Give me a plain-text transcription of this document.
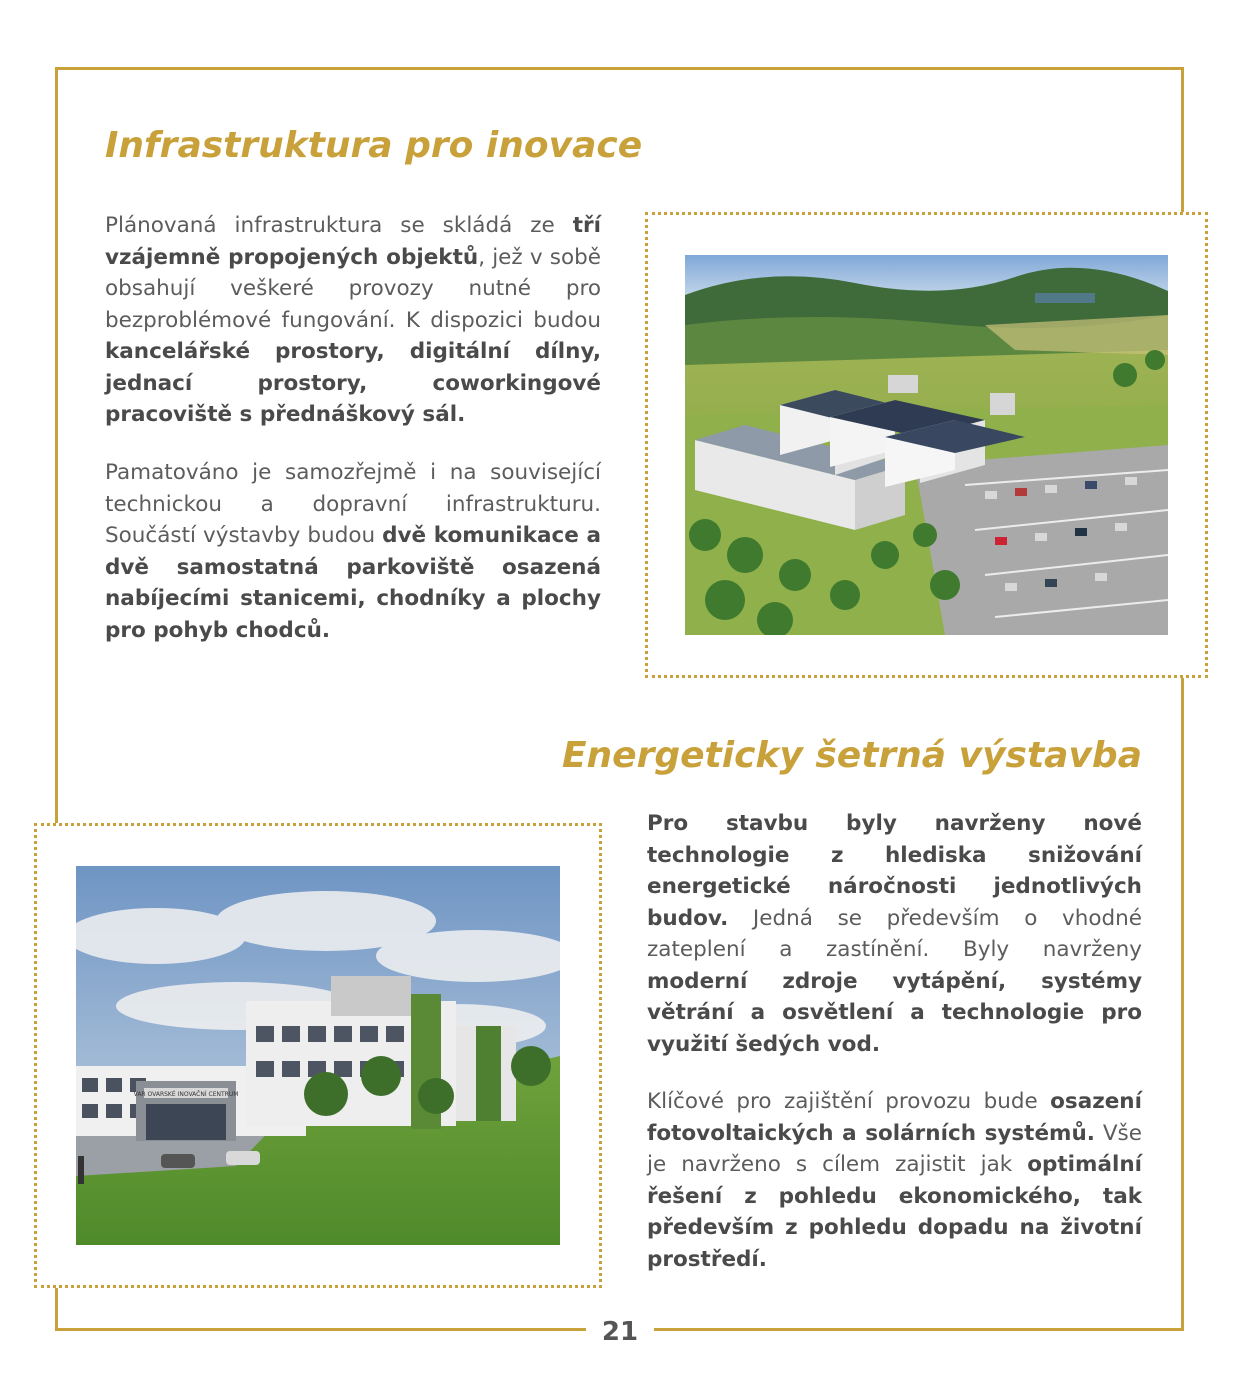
Infrastruktura pro inovace

Plánovaná infrastruktura se skládá ze tří vzájemně propojených objektů, jež v sobě obsahují veškeré provozy nutné pro bezproblémové fungování. K dispozici budou kancelářské prostory, digitální dílny, jednací prostory, coworkingové pracoviště s přednáškový sál.

Pamatováno je samozřejmě i na související technickou a dopravní infrastrukturu. Součástí výstavby budou dvě komunikace a dvě samostatná parkoviště osazená nabíjecími stanicemi, chodníky a plochy pro pohyb chodců.

Energeticky šetrná výstavba
VAR OVARSKÉ INOVAČNÍ CENTRUM

Pro stavbu byly navrženy nové technologie z hlediska snižování energetické náročnosti jednotlivých budov. Jedná se především o vhodné zateplení a zastínění. Byly navrženy moderní zdroje vytápění, systémy větrání a osvětlení a technologie pro využití šedých vod.

Klíčové pro zajištění provozu bude osazení fotovoltaických a solárních systémů. Vše je navrženo s cílem zajistit jak optimální řešení z pohledu ekonomického, tak především z pohledu dopadu na životní prostředí.

21
